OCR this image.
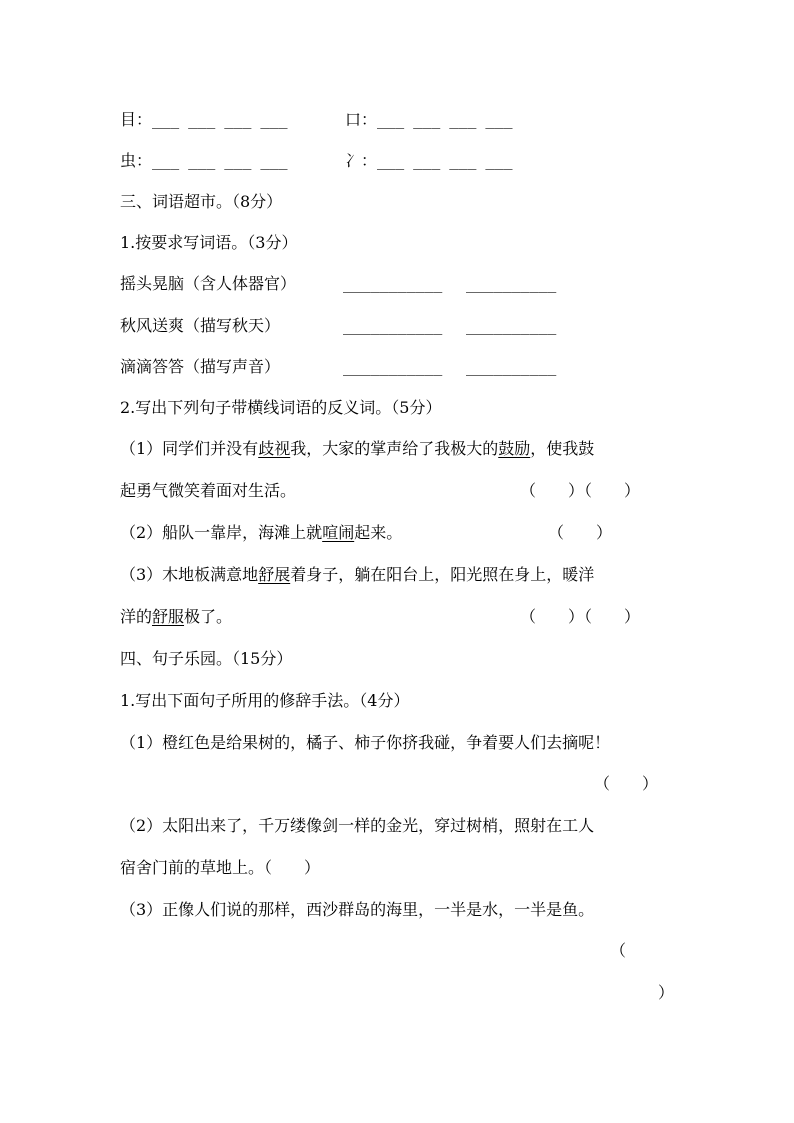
目：___ ___ ___ ___	口：___ ___ ___ ___
虫：___ ___ ___ ___	冫：___ ___ ___ ___
三、词语超市。（8分）
1.按要求写词语。（3分）
摇头晃脑（含人体器官）	___________ __________
秋风送爽（描写秋天）	___________ __________
滴滴答答（描写声音）	___________ __________
2.写出下列句子带横线词语的反义词。（5分）
（1）同学们并没有歧视我，大家的掌声给了我极大的鼓励，使我鼓
起勇气微笑着面对生活。	（　　）（　　）
（2）船队一靠岸，海滩上就喧闹起来。	（　　）
（3）木地板满意地舒展着身子，躺在阳台上，阳光照在身上，暖洋
洋的舒服极了。	（　　）（　　）
四、句子乐园。（15分）
1.写出下面句子所用的修辞手法。（4分）
（1）橙红色是给果树的，橘子、柿子你挤我碰，争着要人们去摘呢！
（　　）
（2）太阳出来了，千万缕像剑一样的金光，穿过树梢，照射在工人
宿舍门前的草地上。（　　）
（3）正像人们说的那样，西沙群岛的海里，一半是水，一半是鱼。
（
）
